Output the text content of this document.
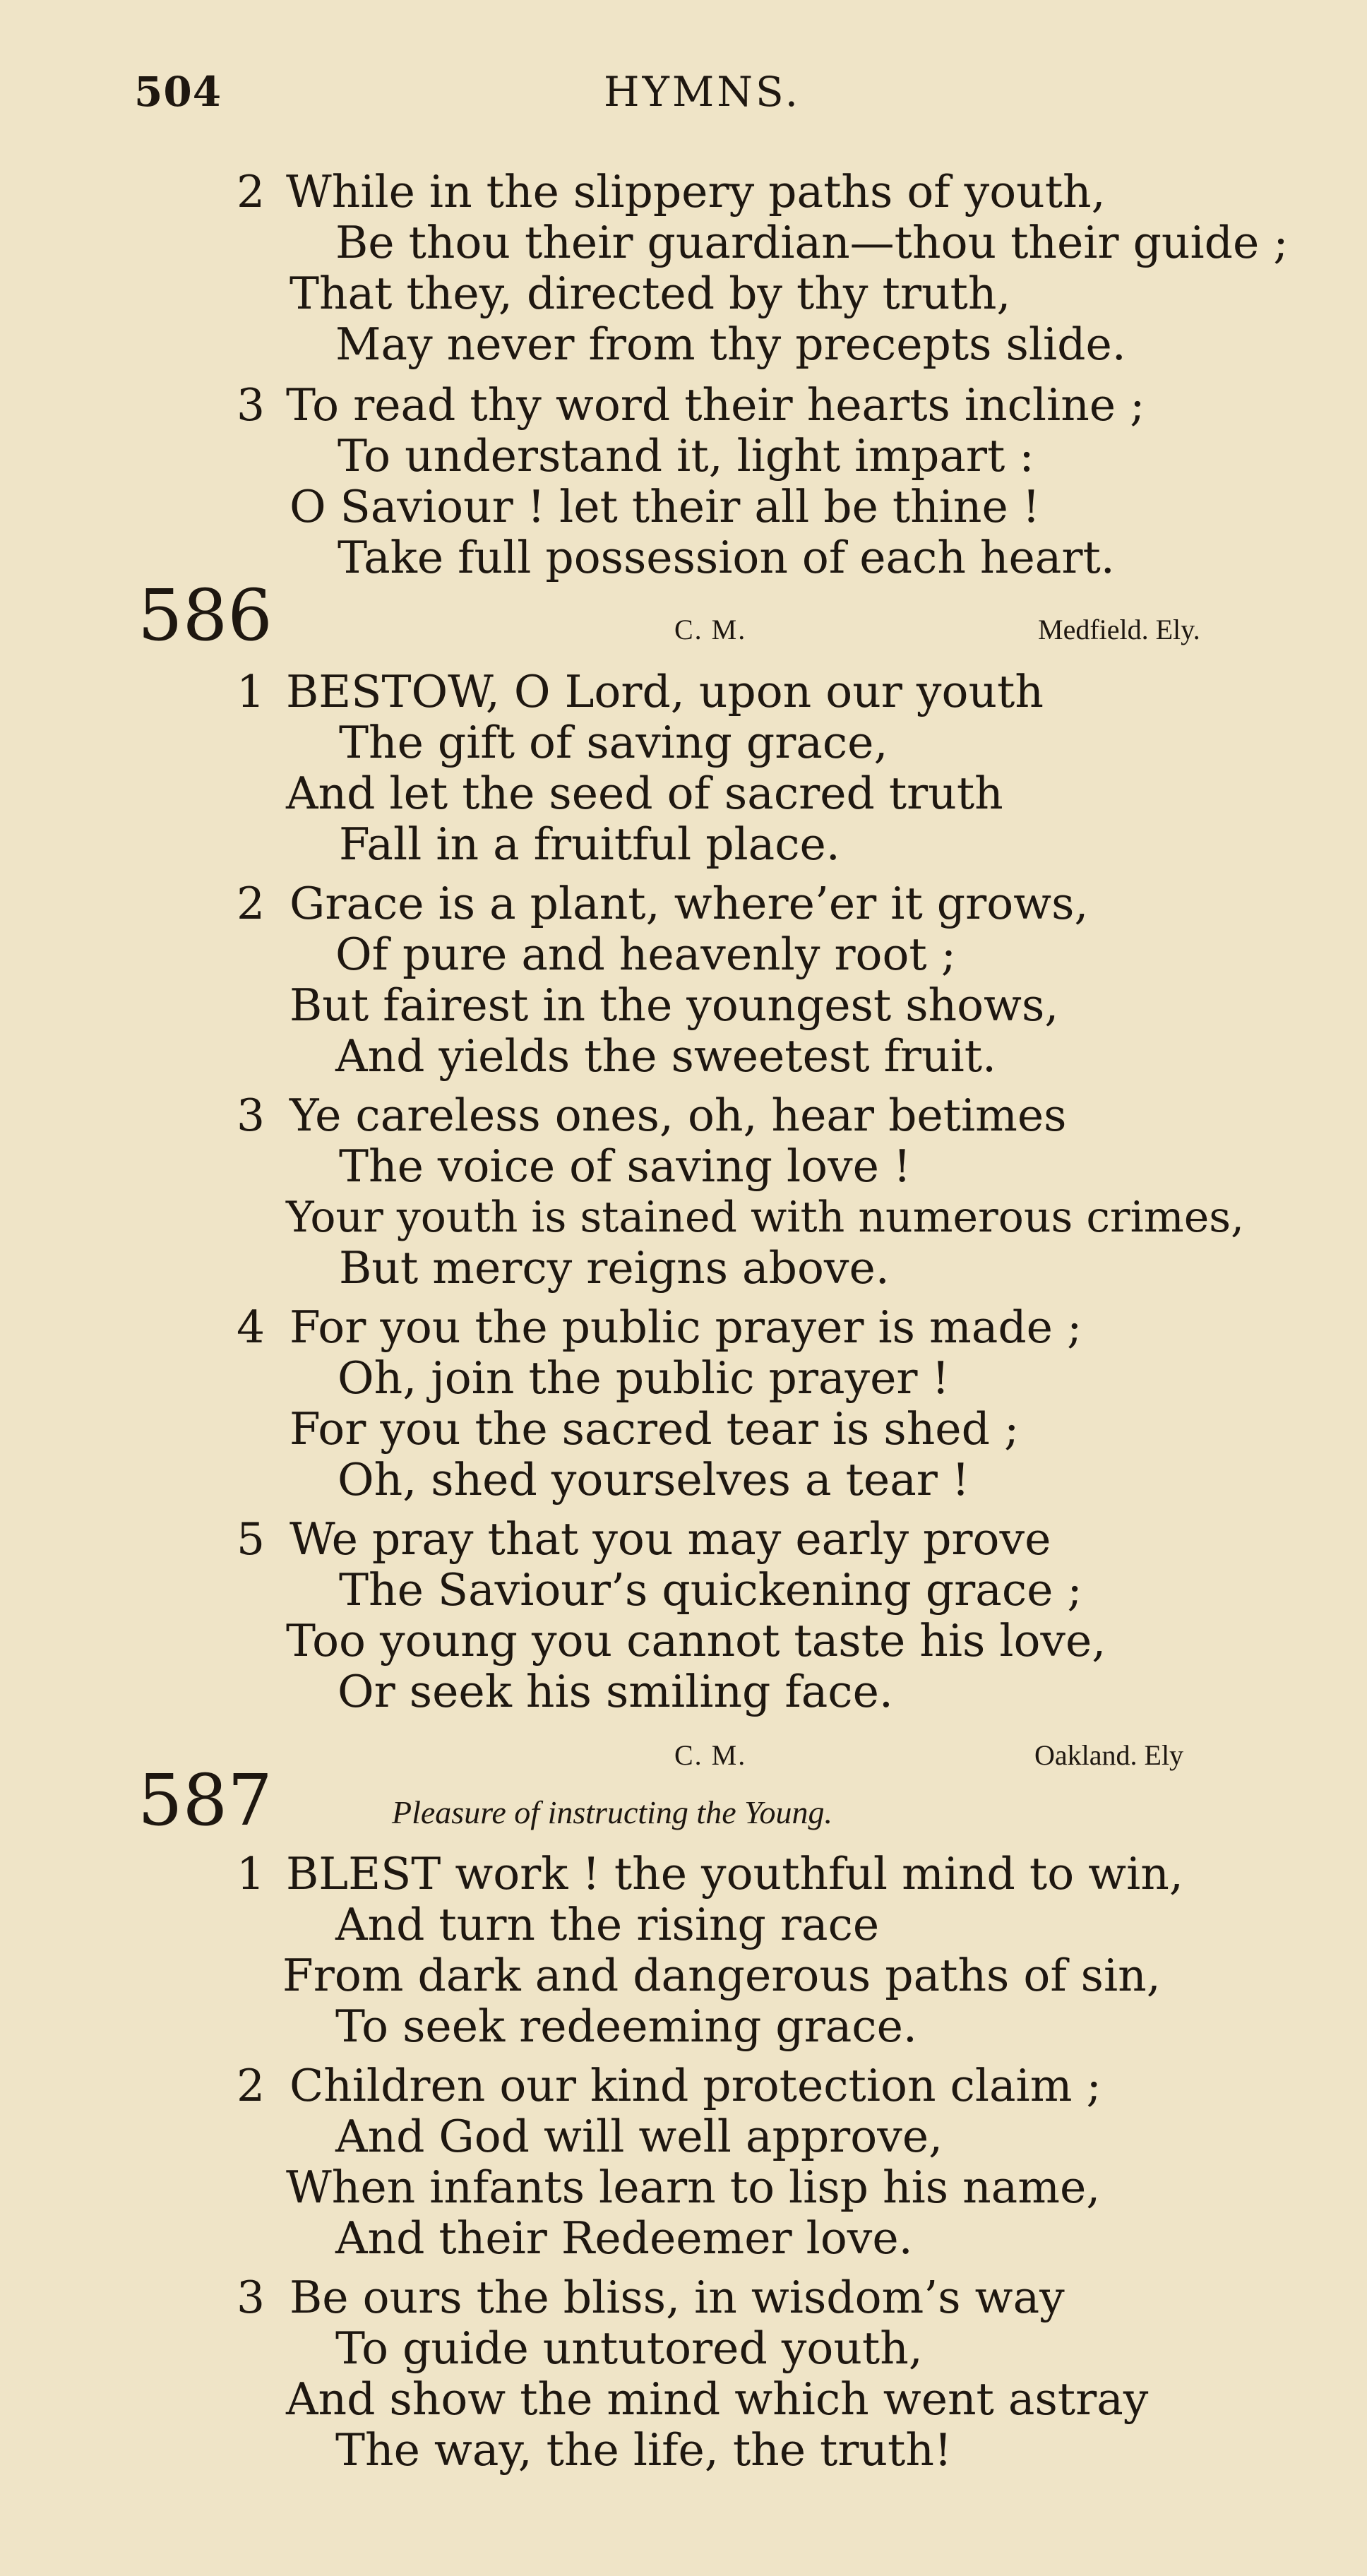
504	HYMNS.
2 While in the slippery paths of youth,
Be thou their guardian—thou their guide ;
That they, directed by thy truth,
May never from thy precepts slide.
3 To read thy word their hearts incline ;
To understand it, light impart :
O Saviour ! let their all be thine !
Take full possession of each heart.
586	C. M.	Medfield. Ely.
1 BESTOW, O Lord, upon our youth
The gift of saving grace,
And let the seed of sacred truth
Fall in a fruitful place.
2 Grace is a plant, where’er it grows,
Of pure and heavenly root ;
But fairest in the youngest shows,
And yields the sweetest fruit.
3 Ye careless ones, oh, hear betimes
The voice of saving love !
Your youth is stained with numerous crimes,
But mercy reigns above.
4 For you the public prayer is made ;
Oh, join the public prayer !
For you the sacred tear is shed ;
Oh, shed yourselves a tear !
5 We pray that you may early prove
The Saviour’s quickening grace ;
Too young you cannot taste his love,
Or seek his smiling face.
C. M.	Oakland. Ely
587	Pleasure of instructing the Young.
1 BLEST work ! the youthful mind to win,
And turn the rising race
From dark and dangerous paths of sin,
To seek redeeming grace.
2 Children our kind protection claim ;
And God will well approve,
When infants learn to lisp his name,
And their Redeemer love.
3 Be ours the bliss, in wisdom’s way
To guide untutored youth,
And show the mind which went astray
The way, the life, the truth!
